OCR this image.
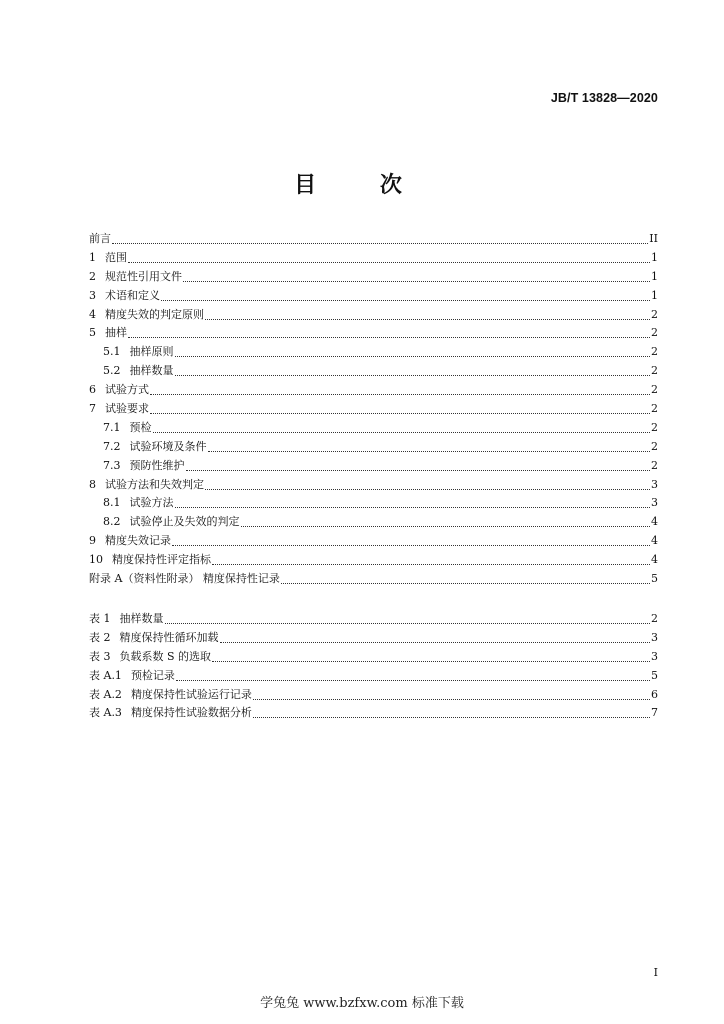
JB/T 13828—2020
目 次
前言	II
1 范围	1
2 规范性引用文件	1
3 术语和定义	1
4 精度失效的判定原则	2
5 抽样	2
5.1 抽样原则	2
5.2 抽样数量	2
6 试验方式	2
7 试验要求	2
7.1 预检	2
7.2 试验环境及条件	2
7.3 预防性维护	2
8 试验方法和失效判定	3
8.1 试验方法	3
8.2 试验停止及失效的判定	4
9 精度失效记录	4
10 精度保持性评定指标	4
附录 A（资料性附录） 精度保持性记录	5
表 1 抽样数量	2
表 2 精度保持性循环加载	3
表 3 负载系数 S 的选取	3
表 A.1 预检记录	5
表 A.2 精度保持性试验运行记录	6
表 A.3 精度保持性试验数据分析	7
I
学兔兔 www.bzfxw.com 标准下载
